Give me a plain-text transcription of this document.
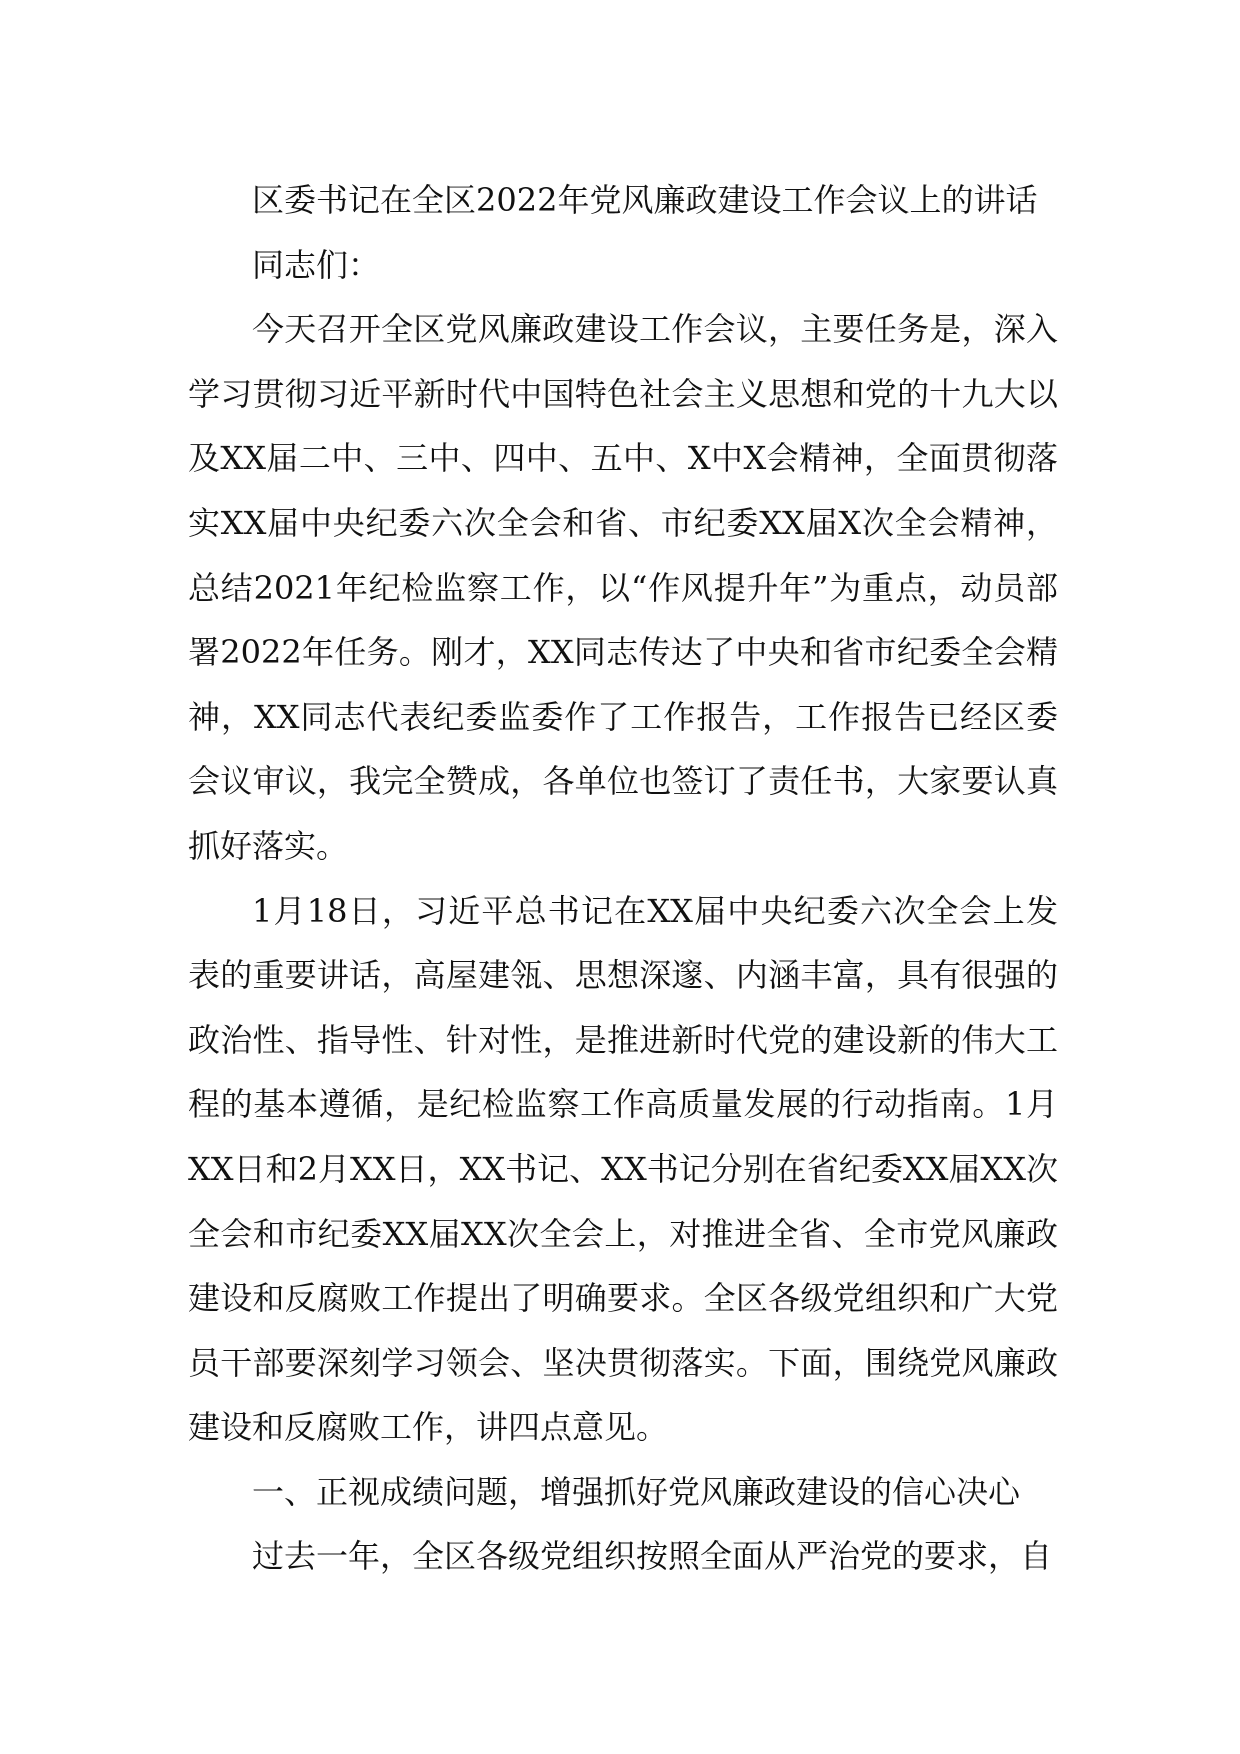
区委书记在全区2022年党风廉政建设工作会议上的讲话

同志们：

今天召开全区党风廉政建设工作会议，主要任务是，深入学习贯彻习近平新时代中国特色社会主义思想和党的十九大以及XX届二中、三中、四中、五中、X中X会精神，全面贯彻落实XX届中央纪委六次全会和省、市纪委XX届X次全会精神，总结2021年纪检监察工作，以“作风提升年”为重点，动员部署2022年任务。刚才，XX同志传达了中央和省市纪委全会精神，XX同志代表纪委监委作了工作报告，工作报告已经区委会议审议，我完全赞成，各单位也签订了责任书，大家要认真抓好落实。

1月18日，习近平总书记在XX届中央纪委六次全会上发表的重要讲话，高屋建瓴、思想深邃、内涵丰富，具有很强的政治性、指导性、针对性，是推进新时代党的建设新的伟大工程的基本遵循，是纪检监察工作高质量发展的行动指南。1月XX日和2月XX日，XX书记、XX书记分别在省纪委XX届XX次全会和市纪委XX届XX次全会上，对推进全省、全市党风廉政建设和反腐败工作提出了明确要求。全区各级党组织和广大党员干部要深刻学习领会、坚决贯彻落实。下面，围绕党风廉政建设和反腐败工作，讲四点意见。

一、正视成绩问题，增强抓好党风廉政建设的信心决心

过去一年，全区各级党组织按照全面从严治党的要求，自
